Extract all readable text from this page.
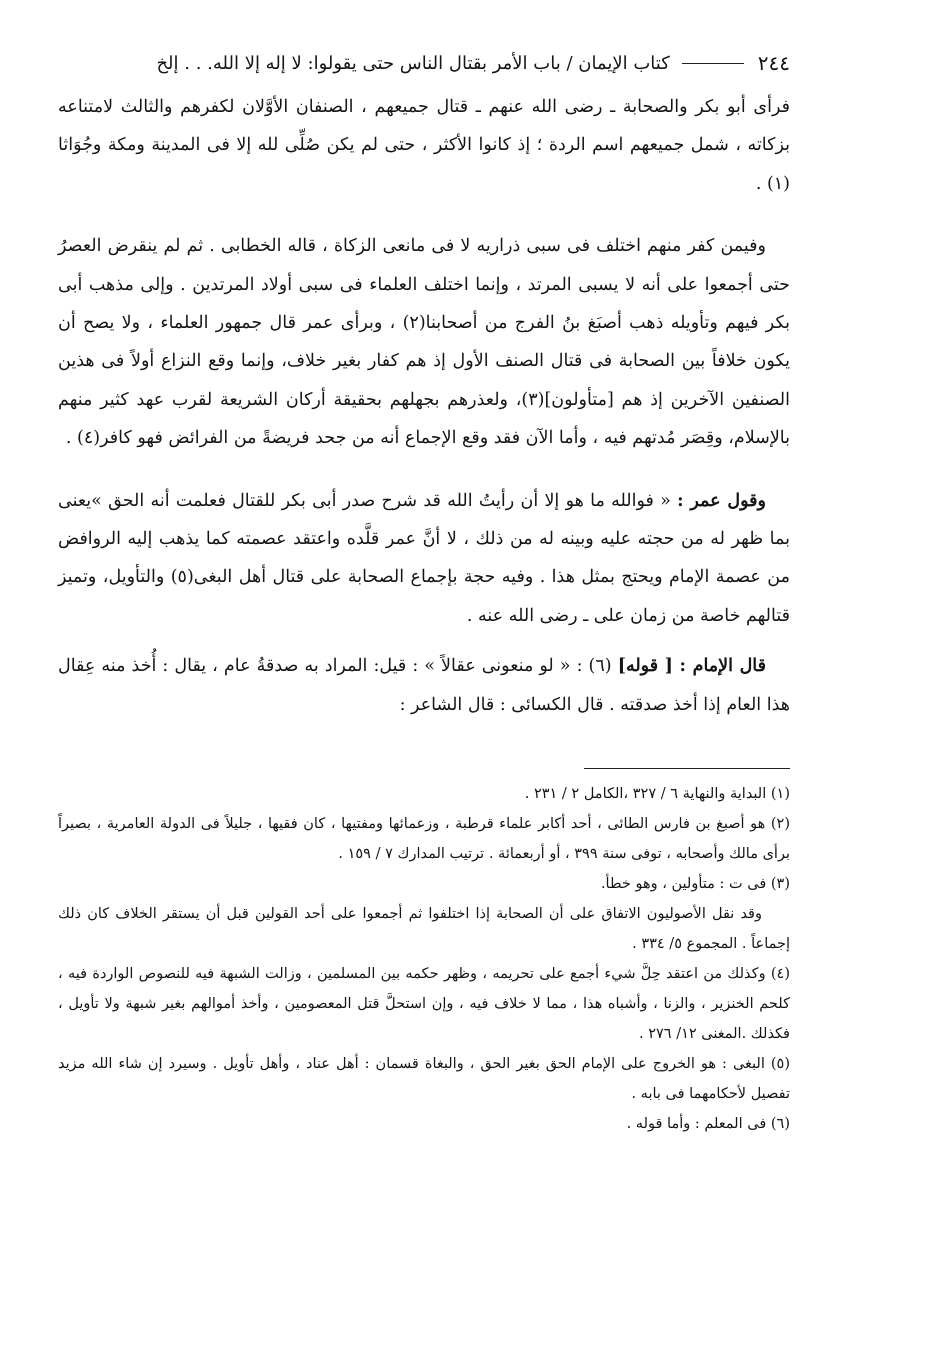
٢٤٤
كتاب الإيمان / باب الأمر بقتال الناس حتى يقولوا: لا إله إلا الله. . . إلخ

فرأى أبو بكر والصحابة ـ رضى الله عنهم ـ قتال جميعهم ، الصنفان الأوَّلان لكفرهم والثالث لامتناعه بزكاته ، شمل جميعهم اسم الردة ؛ إذ كانوا الأكثر ، حتى لم يكن صُلِّى لله إلا فى المدينة ومكة وجُوَاثا (١) .

وفيمن كفر منهم اختلف فى سبى ذراريه لا فى مانعى الزكاة ، قاله الخطابى . ثم لم ينقرض العصرُ حتى أجمعوا على أنه لا يسبى المرتد ، وإنما اختلف العلماء فى سبى أولاد المرتدين . وإلى مذهب أبى بكر فيهم وتأويله ذهب أصبَغ بنُ الفرج من أصحابنا(٢) ، وبرأى عمر قال جمهور العلماء ، ولا يصح أن يكون خلافاً بين الصحابة فى قتال الصنف الأول إذ هم كفار بغير خلاف، وإنما وقع النزاع أولاً فى هذين الصنفين الآخرين إذ هم [متأولون](٣)، ولعذرهم بجهلهم بحقيقة أركان الشريعة لقرب عهد كثير منهم بالإسلام، وقِصَر مُدتهم فيه ، وأما الآن فقد وقع الإجماع أنه من جحد فريضةً من الفرائض فهو كافر(٤) .

وقول عمر : « فوالله ما هو إلا أن رأيتُ الله قد شرح صدر أبى بكر للقتال فعلمت أنه الحق »يعنى بما ظهر له من حجته عليه وبينه له من ذلك ، لا أنَّ عمر قلَّده واعتقد عصمته كما يذهب إليه الروافض من عصمة الإمام ويحتج بمثل هذا . وفيه حجة بإجماع الصحابة على قتال أهل البغى(٥) والتأويل، وتميز قتالهم خاصة من زمان على ـ رضى الله عنه .

قال الإمام : [ قوله] (٦) : « لو منعونى عقالاً » : قيل: المراد به صدقةُ عام ، يقال : أُخذ منه عِقال هذا العام إذا أخذ صدقته . قال الكسائى : قال الشاعر :

(١) البداية والنهاية ٦ / ٣٢٧ ،الكامل ٢ / ٢٣١ .

(٢) هو أصبغ بن فارس الطائى ، أحد أكابر علماء قرطبة ، وزعمائها ومفتيها ، كان فقيها ، جليلاً فى الدولة العامرية ، بصيراً برأى مالك وأصحابه ، توفى سنة ٣٩٩ ، أو أربعمائة . ترتيب المدارك ٧ / ١٥٩ .

(٣) فى ت : متأولين ، وهو خطأ.

وقد نقل الأصوليون الاتفاق على أن الصحابة إذا اختلفوا ثم أجمعوا على أحد القولين قبل أن يستقر الخلاف كان ذلك إجماعاً . المجموع ٥/ ٣٣٤ .

(٤) وكذلك من اعتقد حِلَّ شيء أجمع على تحريمه ، وظهر حكمه بين المسلمين ، وزالت الشبهة فيه للنصوص الواردة فيه ، كلحم الخنزير ، والزنا ، وأشباه هذا ، مما لا خلاف فيه ، وإن استحلَّ قتل المعصومين ، وأخذ أموالهم بغير شبهة ولا تأويل ، فكذلك .المغنى ١٢/ ٢٧٦ .

(٥) البغى : هو الخروج على الإمام الحق بغير الحق ، والبغاة قسمان : أهل عناد ، وأهل تأويل . وسيرد إن شاء الله مزيد تفصيل لأحكامهما فى بابه .

(٦) فى المعلم : وأما قوله .
